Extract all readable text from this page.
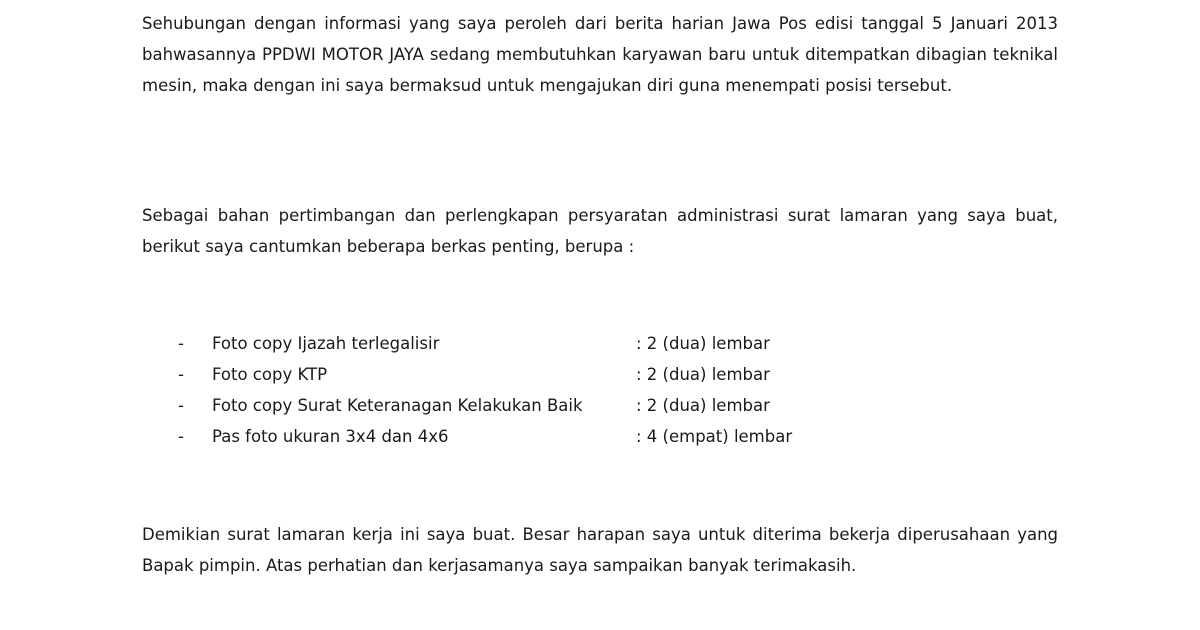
Sehubungan dengan informasi yang saya peroleh dari berita harian Jawa Pos edisi tanggal 5 Januari 2013 bahwasannya PPDWI MOTOR JAYA sedang membutuhkan karyawan baru untuk ditempatkan dibagian teknikal mesin, maka dengan ini saya bermaksud untuk mengajukan diri guna menempati posisi tersebut.

Sebagai bahan pertimbangan dan perlengkapan persyaratan administrasi surat lamaran yang saya buat, berikut saya cantumkan beberapa berkas penting, berupa :

- Foto copy Ijazah terlegalisir	: 2 (dua) lembar
- Foto copy KTP	: 2 (dua) lembar
- Foto copy Surat Keteranagan Kelakukan Baik	: 2 (dua) lembar
- Pas foto ukuran 3x4 dan 4x6	: 4 (empat) lembar

Demikian surat lamaran kerja ini saya buat. Besar harapan saya untuk diterima bekerja diperusahaan yang Bapak pimpin. Atas perhatian dan kerjasamanya saya sampaikan banyak terimakasih.
